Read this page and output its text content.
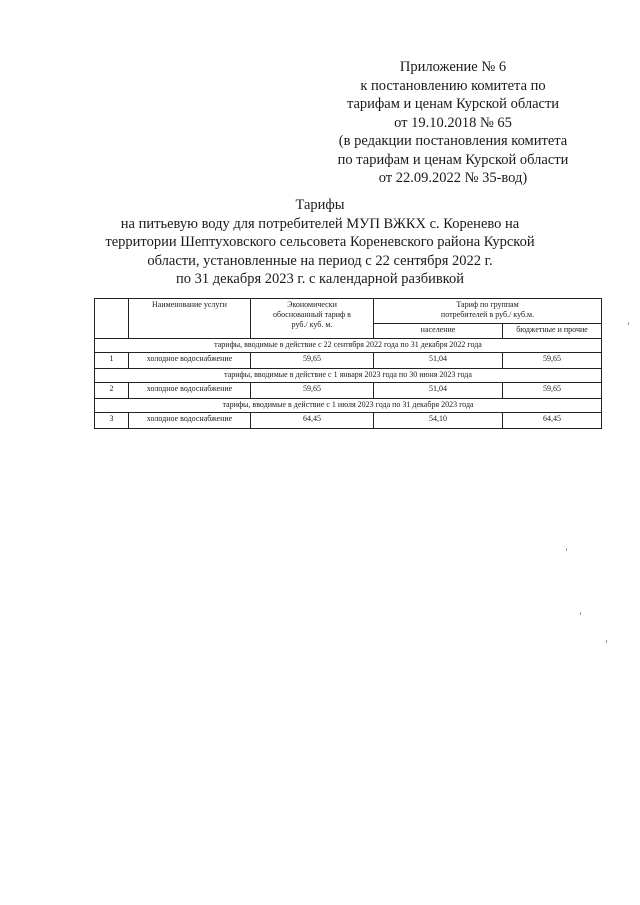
Приложение № 6
к постановлению комитета по
тарифам и ценам Курской области
от 19.10.2018 № 65
(в редакции постановления комитета
по тарифам и ценам Курской области
от 22.09.2022 № 35-вод)
Тарифы
на питьевую воду для потребителей МУП ВЖКХ с. Коренево на
территории Шептуховского сельсовета Кореневского района Курской
области, установленные на период с 22 сентября 2022 г.
по 31 декабря 2023 г. с календарной разбивкой
	Наименование услуги	Экономически обоснованный тариф в руб./ куб. м.	Тариф по группам потребителей в руб./ куб.м.	
			население	бюджетные и прочие
тарифы, вводимые в действие с 22 сентября 2022 года по 31 декабря 2022 года				
1	холодное водоснабжение	59,65	51,04	59,65
тарифы, вводимые в действие с 1 января 2023 года по 30 июня 2023 года				
2	холодное водоснабжение	59,65	51,04	59,65
тарифы, вводимые в действие с 1 июля 2023 года по 31 декабря 2023 года				
3	холодное водоснабжение	64,45	54,10	64,45
